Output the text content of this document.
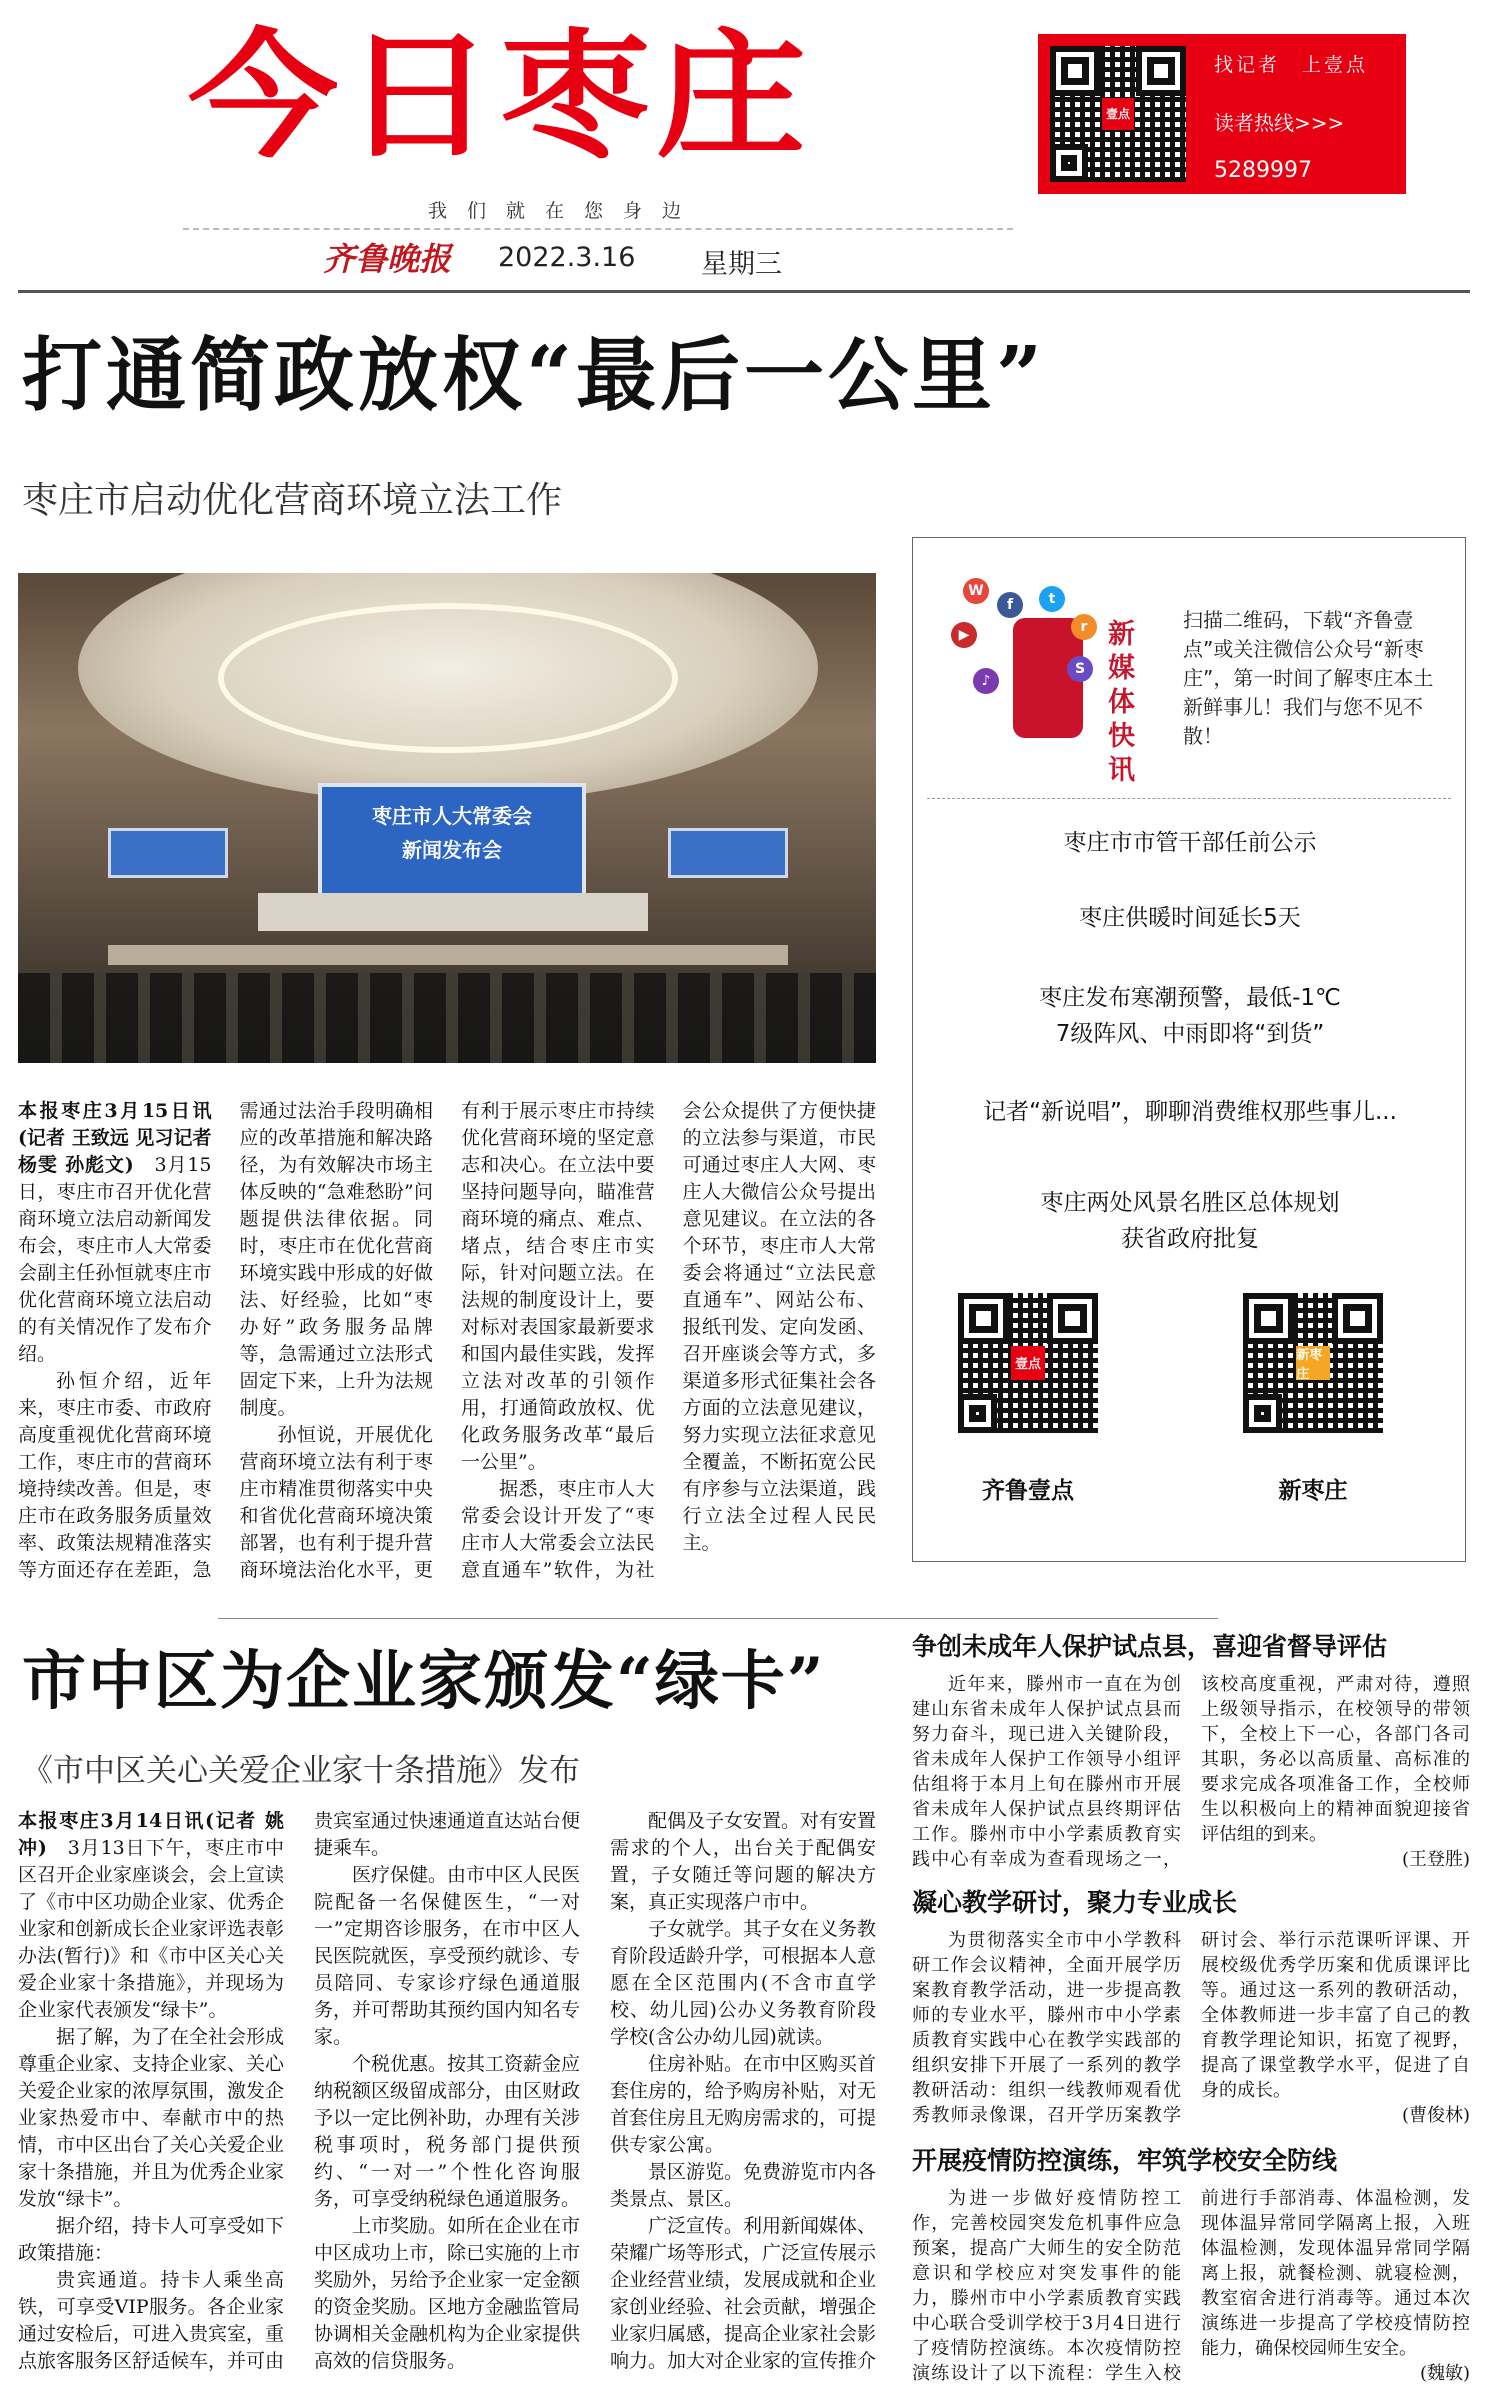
今日枣庄
我们就在您身边
齐鲁晚报 2022.3.16 星期三
壹点
找记者　上壹点
读者热线>>>
5289997
打通简政放权“最后一公里”
枣庄市启动优化营商环境立法工作
枣庄市人大常委会
新闻发布会

本报枣庄3月15日讯(记者 王致远 见习记者 杨雯 孙彪文)　 3月15日，枣庄市召开优化营商环境立法启动新闻发布会，枣庄市人大常委会副主任孙恒就枣庄市优化营商环境立法启动的有关情况作了发布介绍。

孙恒介绍，近年来，枣庄市委、市政府高度重视优化营商环境工作，枣庄市的营商环境持续改善。但是，枣庄市在政务服务质量效率、政策法规精准落实等方面还存在差距，急需通过法治手段明确相应的改革措施和解决路径，为有效解决市场主体反映的“急难愁盼”问题提供法律依据。同时，枣庄市在优化营商环境实践中形成的好做法、好经验，比如“枣办好”政务服务品牌等，急需通过立法形式固定下来，上升为法规制度。

孙恒说，开展优化营商环境立法有利于枣庄市精准贯彻落实中央和省优化营商环境决策部署，也有利于提升营商环境法治化水平，更有利于展示枣庄市持续优化营商环境的坚定意志和决心。在立法中要坚持问题导向，瞄准营商环境的痛点、难点、堵点，结合枣庄市实际，针对问题立法。在法规的制度设计上，要对标对表国家最新要求和国内最佳实践，发挥立法对改革的引领作用，打通简政放权、优化政务服务改革“最后一公里”。

据悉，枣庄市人大常委会设计开发了“枣庄市人大常委会立法民意直通车”软件，为社会公众提供了方便快捷的立法参与渠道，市民可通过枣庄人大网、枣庄人大微信公众号提出意见建议。在立法的各个环节，枣庄市人大常委会将通过“立法民意直通车”、网站公布、报纸刊发、定向发函、召开座谈会等方式，多渠道多形式征集社会各方面的立法意见建议，努力实现立法征求意见全覆盖，不断拓宽公民有序参与立法渠道，践行立法全过程人民民主。

W
f	t
r
▶
S
♪
新媒体快讯
扫描二维码，下载“齐鲁壹点”或关注微信公众号“新枣庄”，第一时间了解枣庄本土新鲜事儿！我们与您不见不散！
枣庄市市管干部任前公示
枣庄供暖时间延长5天
枣庄发布寒潮预警，最低-1℃
7级阵风、中雨即将“到货”
记者“新说唱”，聊聊消费维权那些事儿...
枣庄两处风景名胜区总体规划
获省政府批复
壹点
新枣庄
齐鲁壹点	新枣庄
市中区为企业家颁发“绿卡”
《市中区关心关爱企业家十条措施》发布

本报枣庄3月14日讯(记者 姚冲)　 3月13日下午，枣庄市中区召开企业家座谈会，会上宣读了《市中区功勋企业家、优秀企业家和创新成长企业家评选表彰办法(暂行)》和《市中区关心关爱企业家十条措施》，并现场为企业家代表颁发“绿卡”。

据了解，为了在全社会形成尊重企业家、支持企业家、关心关爱企业家的浓厚氛围，激发企业家热爱市中、奉献市中的热情，市中区出台了关心关爱企业家十条措施，并且为优秀企业家发放“绿卡”。

据介绍，持卡人可享受如下政策措施：

贵宾通道。持卡人乘坐高铁，可享受VIP服务。各企业家通过安检后，可进入贵宾室，重点旅客服务区舒适候车，并可由贵宾室通过快速通道直达站台便捷乘车。

医疗保健。由市中区人民医院配备一名保健医生，“一对一”定期咨诊服务，在市中区人民医院就医，享受预约就诊、专员陪同、专家诊疗绿色通道服务，并可帮助其预约国内知名专家。

个税优惠。按其工资薪金应纳税额区级留成部分，由区财政予以一定比例补助，办理有关涉税事项时，税务部门提供预约、“一对一”个性化咨询服务，可享受纳税绿色通道服务。

上市奖励。如所在企业在市中区成功上市，除已实施的上市奖励外，另给予企业家一定金额的资金奖励。区地方金融监管局协调相关金融机构为企业家提供高效的信贷服务。

配偶及子女安置。对有安置需求的个人，出台关于配偶安置，子女随迁等问题的解决方案，真正实现落户市中。

子女就学。其子女在义务教育阶段适龄升学，可根据本人意愿在全区范围内(不含市直学校、幼儿园)公办义务教育阶段学校(含公办幼儿园)就读。

住房补贴。在市中区购买首套住房的，给予购房补贴，对无首套住房且无购房需求的，可提供专家公寓。

景区游览。免费游览市内各类景点、景区。

广泛宣传。利用新闻媒体、荣耀广场等形式，广泛宣传展示企业经营业绩，发展成就和企业家创业经验、社会贡献，增强企业家归属感，提高企业家社会影响力。加大对企业家的宣传推介

争创未成年人保护试点县，喜迎省督导评估

近年来，滕州市一直在为创建山东省未成年人保护试点县而努力奋斗，现已进入关键阶段，省未成年人保护工作领导小组评估组将于本月上旬在滕州市开展省未成年人保护试点县终期评估工作。滕州市中小学素质教育实践中心有幸成为查看现场之一，该校高度重视，严肃对待，遵照上级领导指示，在校领导的带领下，全校上下一心，各部门各司其职，务必以高质量、高标准的要求完成各项准备工作，全校师生以积极向上的精神面貌迎接省评估组的到来。

(王登胜)

凝心教学研讨，聚力专业成长

为贯彻落实全市中小学教科研工作会议精神，全面开展学历案教育教学活动，进一步提高教师的专业水平，滕州市中小学素质教育实践中心在教学实践部的组织安排下开展了一系列的教学教研活动：组织一线教师观看优秀教师录像课，召开学历案教学研讨会、举行示范课听评课、开展校级优秀学历案和优质课评比等。通过这一系列的教研活动，全体教师进一步丰富了自己的教育教学理论知识，拓宽了视野，提高了课堂教学水平，促进了自身的成长。

(曹俊林)

开展疫情防控演练，牢筑学校安全防线

为进一步做好疫情防控工作，完善校园突发危机事件应急预案，提高广大师生的安全防范意识和学校应对突发事件的能力，滕州市中小学素质教育实践中心联合受训学校于3月4日进行了疫情防控演练。本次疫情防控演练设计了以下流程：学生入校前进行手部消毒、体温检测，发现体温异常同学隔离上报，入班体温检测，发现体温异常同学隔离上报，就餐检测、就寝检测，教室宿舍进行消毒等。通过本次演练进一步提高了学校疫情防控能力，确保校园师生安全。

(魏敏)
